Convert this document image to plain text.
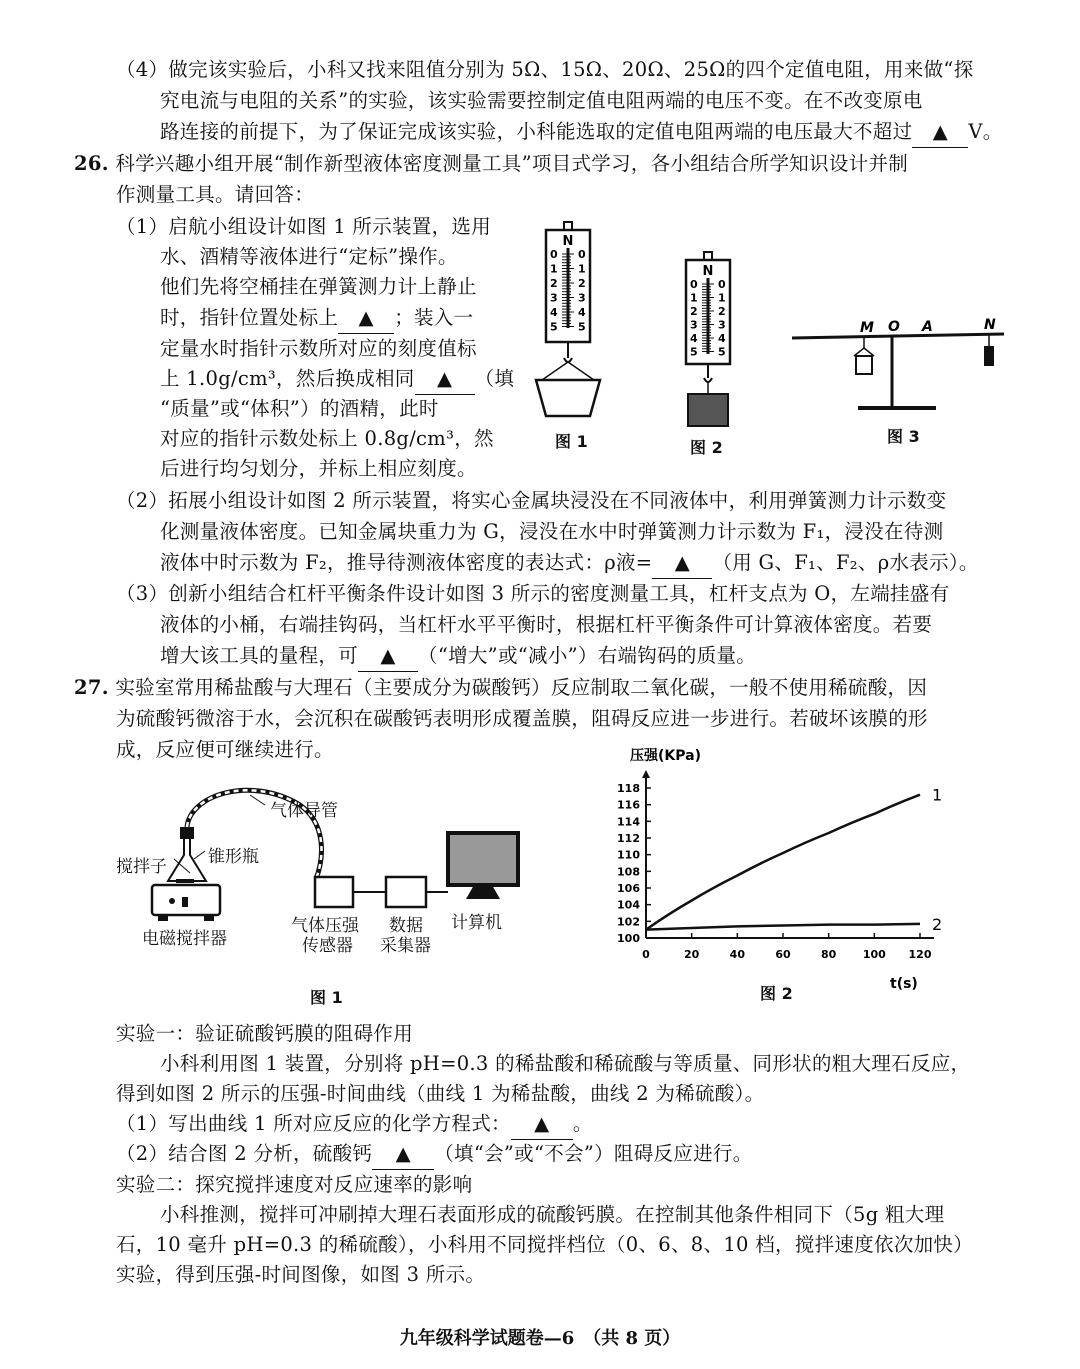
（4）做完该实验后，小科又找来阻值分别为 5Ω、15Ω、20Ω、25Ω的四个定值电阻，用来做“探
究电流与电阻的关系”的实验，该实验需要控制定值电阻两端的电压不变。在不改变原电
路连接的前提下，为了保证完成该实验，小科能选取的定值电阻两端的电压最大不超过 ▲ V。
26. 科学兴趣小组开展“制作新型液体密度测量工具”项目式学习，各小组结合所学知识设计并制
作测量工具。请回答：
（1）启航小组设计如图 1 所示装置，选用
水、酒精等液体进行“定标”操作。
他们先将空桶挂在弹簧测力计上静止
时，指针位置处标上 ▲ ；装入一
定量水时指针示数所对应的刻度值标
上 1.0g/cm³，然后换成相同 ▲ （填
“质量”或“体积”）的酒精，此时
对应的指针示数处标上 0.8g/cm³，然
后进行均匀划分，并标上相应刻度。
N
0 0
1 1
2 2
3 3
4 4
5 5
图 1
N
0 0
1 1
2 2
3 3
4 4
5 5
图 2
M O A	N
图 3
（2）拓展小组设计如图 2 所示装置，将实心金属块浸没在不同液体中，利用弹簧测力计示数变
化测量液体密度。已知金属块重力为 G，浸没在水中时弹簧测力计示数为 F₁，浸没在待测
液体中时示数为 F₂，推导待测液体密度的表达式：ρ液= ▲ （用 G、F₁、F₂、ρ水表示）。
（3）创新小组结合杠杆平衡条件设计如图 3 所示的密度测量工具，杠杆支点为 O，左端挂盛有
液体的小桶，右端挂钩码，当杠杆水平平衡时，根据杠杆平衡条件可计算液体密度。若要
增大该工具的量程，可 ▲ （“增大”或“减小”）右端钩码的质量。
27. 实验室常用稀盐酸与大理石（主要成分为碳酸钙）反应制取二氧化碳，一般不使用稀硫酸，因
为硫酸钙微溶于水，会沉积在碳酸钙表明形成覆盖膜，阻碍反应进一步进行。若破坏该膜的形
成，反应便可继续进行。
气体导管
锥形瓶
搅拌子
电磁搅拌器
气体压强
传感器
数据
采集器
计算机
图 1
压强(KPa)
100
102
104
106
108
110
112
114
116
118
0	20	40	60	80 100 120
1
2
t(s)
图 2
实验一：验证硫酸钙膜的阻碍作用
小科利用图 1 装置，分别将 pH=0.3 的稀盐酸和稀硫酸与等质量、同形状的粗大理石反应，
得到如图 2 所示的压强-时间曲线（曲线 1 为稀盐酸，曲线 2 为稀硫酸）。
（1）写出曲线 1 所对应反应的化学方程式： ▲ 。
（2）结合图 2 分析，硫酸钙 ▲ （填“会”或“不会”）阻碍反应进行。
实验二：探究搅拌速度对反应速率的影响
小科推测，搅拌可冲刷掉大理石表面形成的硫酸钙膜。在控制其他条件相同下（5g 粗大理
石，10 毫升 pH=0.3 的稀硫酸），小科用不同搅拌档位（0、6、8、10 档，搅拌速度依次加快）
实验，得到压强-时间图像，如图 3 所示。
九年级科学试题卷—6　（共 8 页）
